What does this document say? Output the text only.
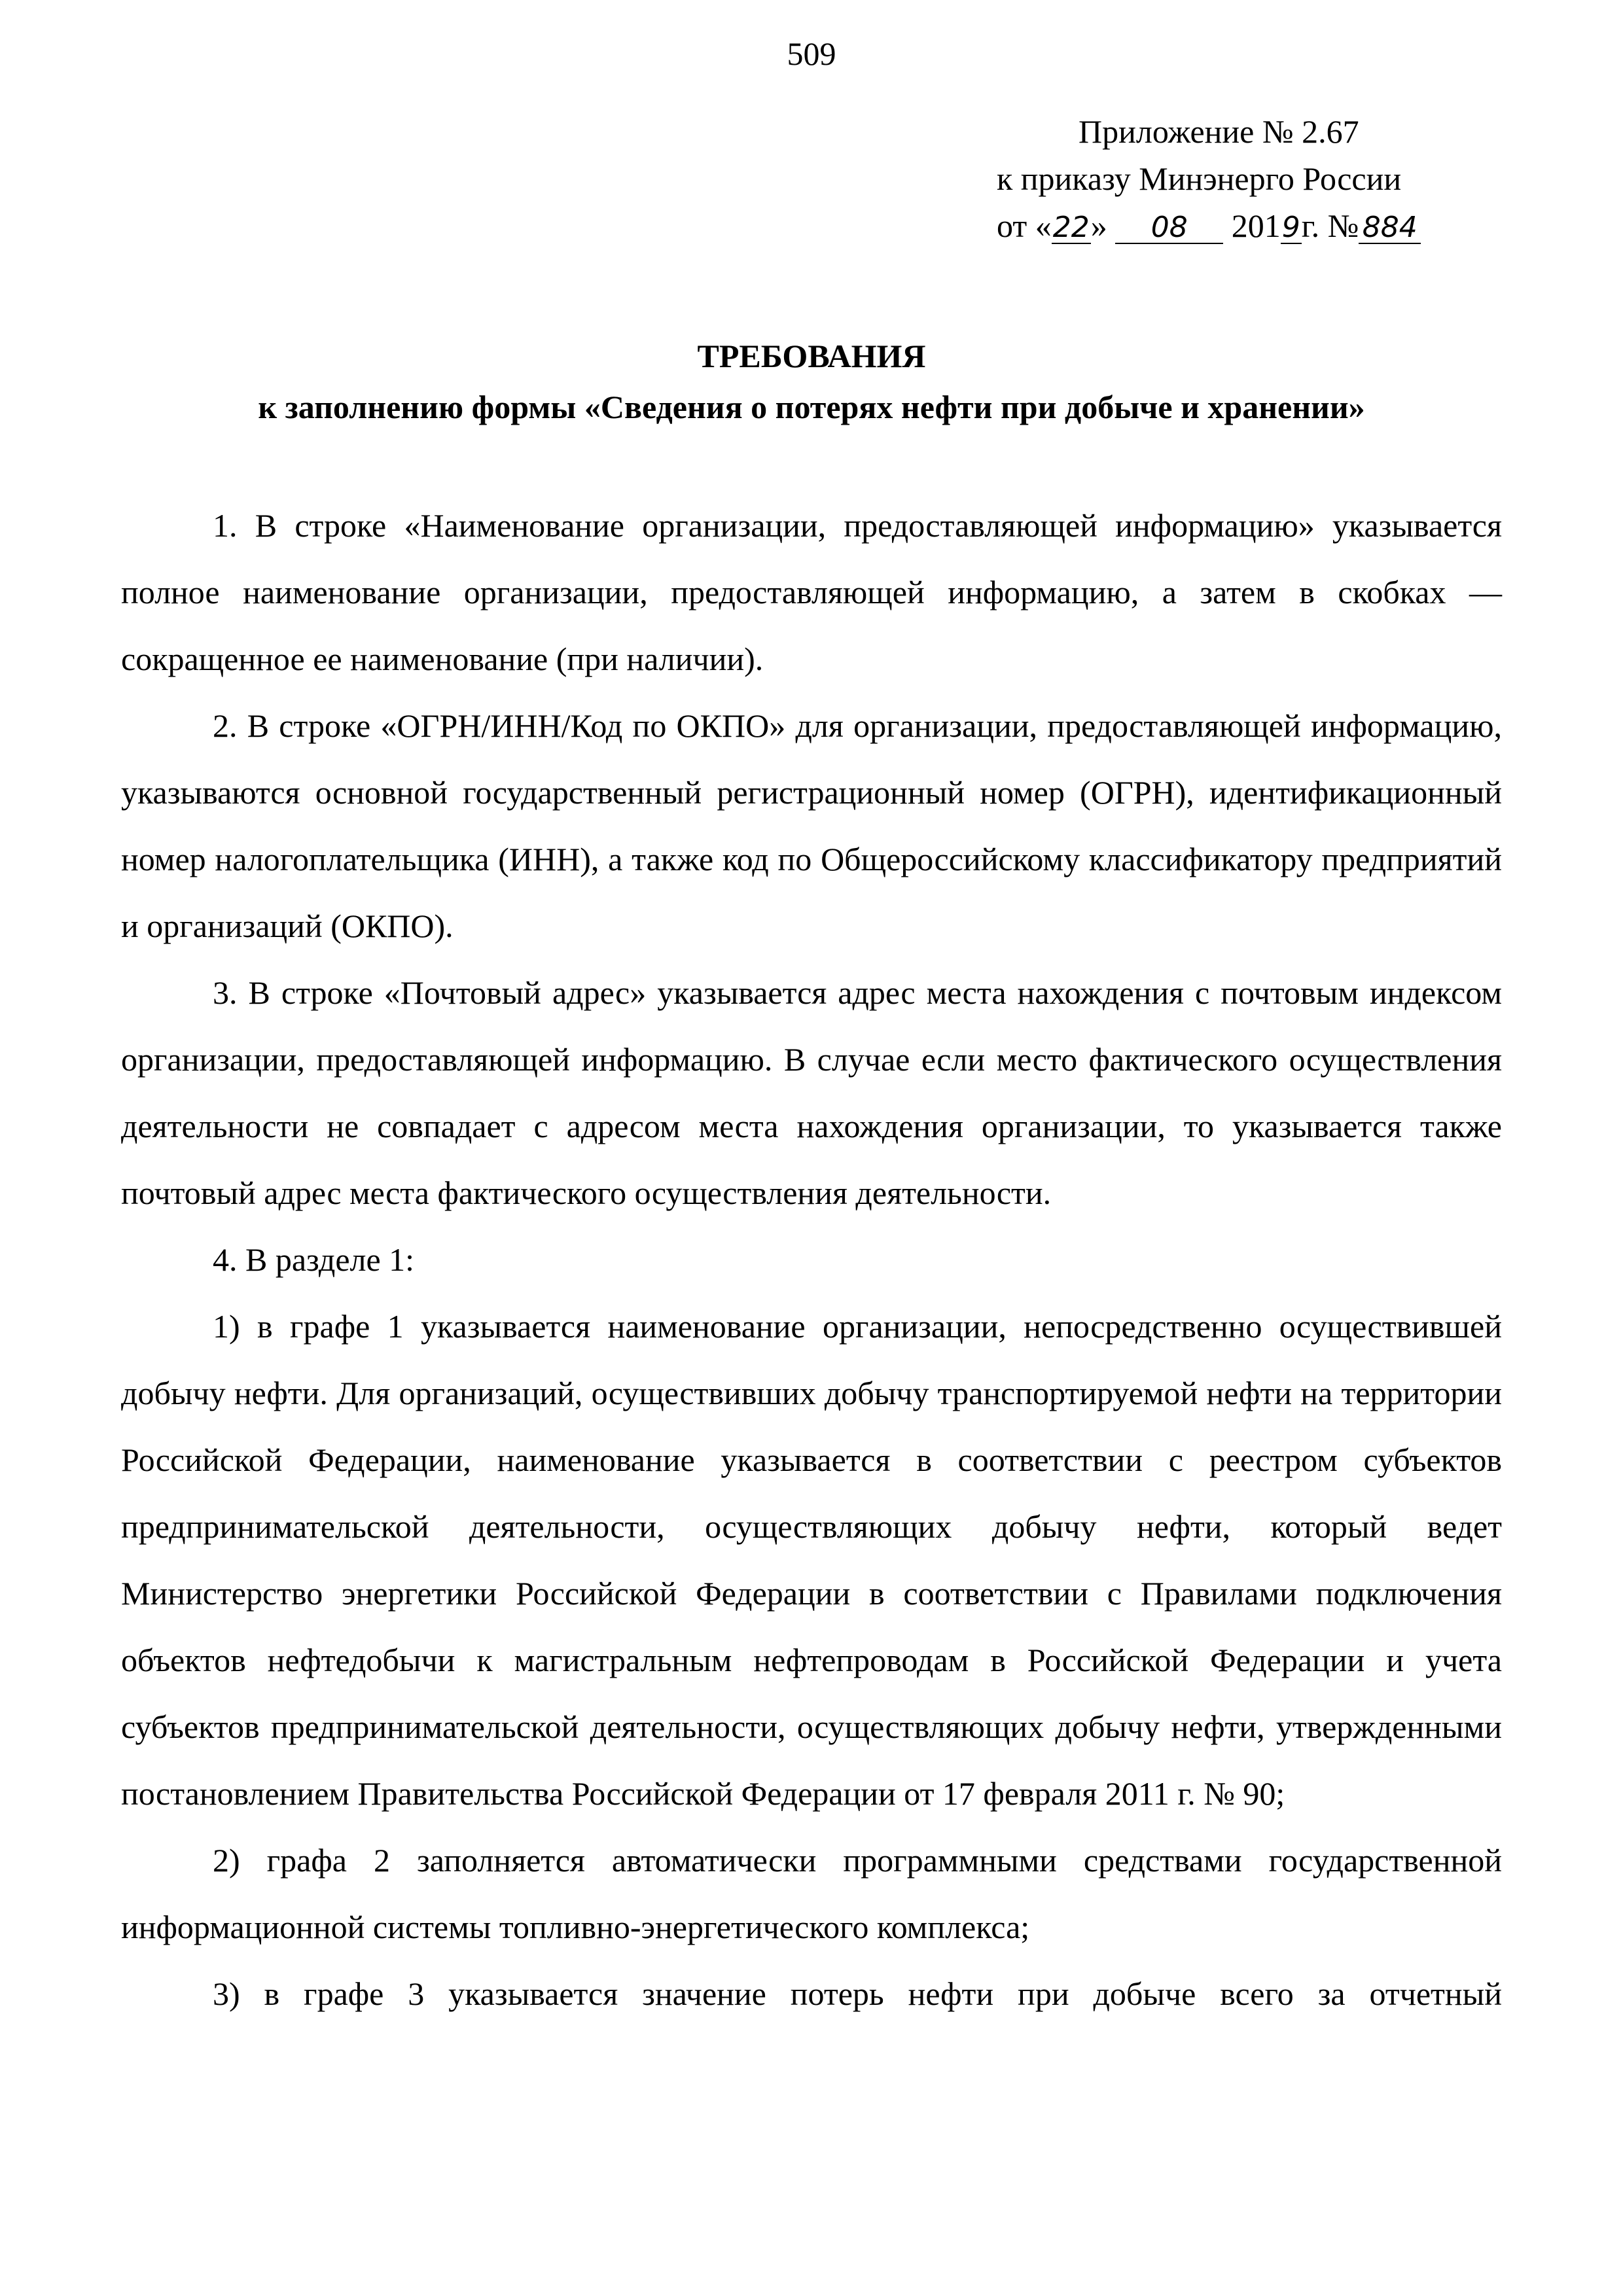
509
Приложение № 2.67
к приказу Минэнерго России
от «22» 08 2019г. № 884
ТРЕБОВАНИЯ
к заполнению формы «Сведения о потерях нефти при добыче и хранении»

1. В строке «Наименование организации, предоставляющей информацию» указывается полное наименование организации, предоставляющей информацию, а затем в скобках — сокращенное ее наименование (при наличии).

2. В строке «ОГРН/ИНН/Код по ОКПО» для организации, предоставляющей информацию, указываются основной государственный регистрационный номер (ОГРН), идентификационный номер налогоплательщика (ИНН), а также код по Общероссийскому классификатору предприятий и организаций (ОКПО).

3. В строке «Почтовый адрес» указывается адрес места нахождения с почтовым индексом организации, предоставляющей информацию. В случае если место фактического осуществления деятельности не совпадает с адресом места нахождения организации, то указывается также почтовый адрес места фактического осуществления деятельности.

4. В разделе 1:

1) в графе 1 указывается наименование организации, непосредственно осуществившей добычу нефти. Для организаций, осуществивших добычу транспортируемой нефти на территории Российской Федерации, наименование указывается в соответствии с реестром субъектов предпринимательской деятельности, осуществляющих добычу нефти, который ведет Министерство энергетики Российской Федерации в соответствии с Правилами подключения объектов нефтедобычи к магистральным нефтепроводам в Российской Федерации и учета субъектов предпринимательской деятельности, осуществляющих добычу нефти, утвержденными постановлением Правительства Российской Федерации от 17 февраля 2011 г. № 90;

2) графа 2 заполняется автоматически программными средствами государственной информационной системы топливно-энергетического комплекса;

3) в графе 3 указывается значение потерь нефти при добыче всего за отчетный
